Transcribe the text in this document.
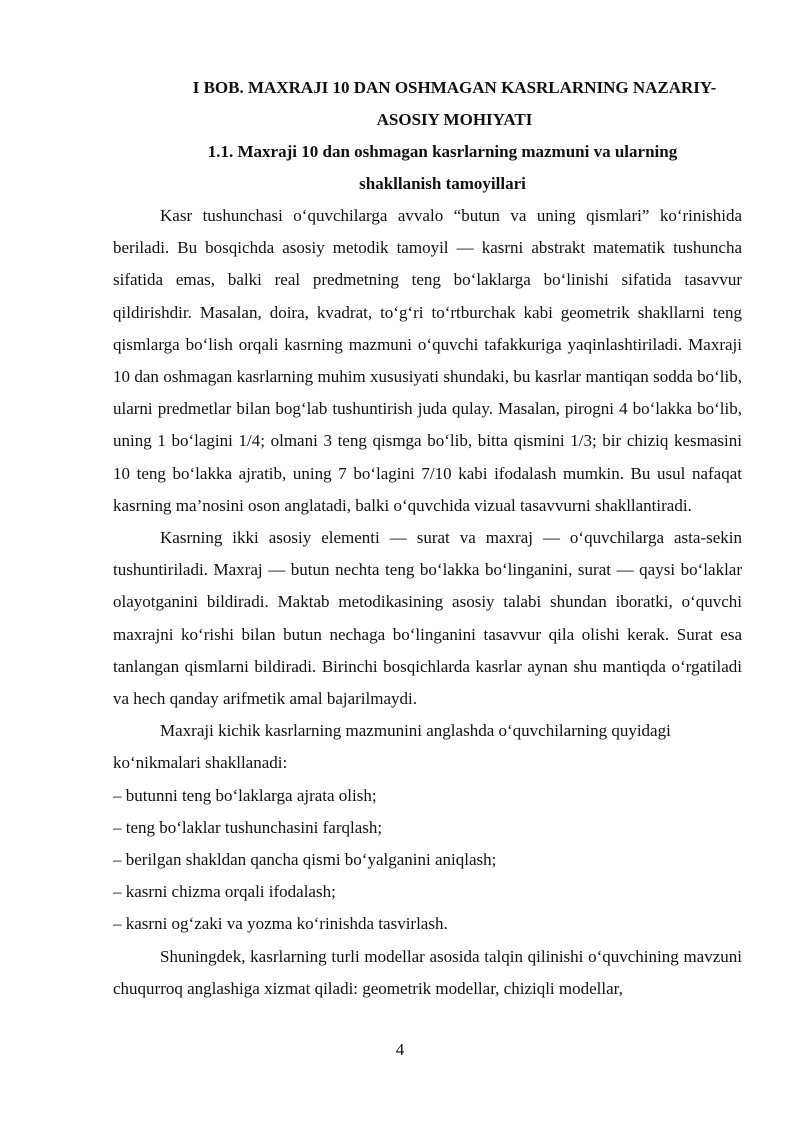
I BOB. MAXRAJI 10 DAN OSHMAGAN KASRLARNING NAZARIY-

ASOSIY MOHIYATI

1.1. Maxraji 10 dan oshmagan kasrlarning mazmuni va ularning

shakllanish tamoyillari

Kasr tushunchasi o‘quvchilarga avvalo “butun va uning qismlari” ko‘rinishida beriladi. Bu bosqichda asosiy metodik tamoyil — kasrni abstrakt matematik tushuncha sifatida emas, balki real predmetning teng bo‘laklarga bo‘linishi sifatida tasavvur qildirishdir. Masalan, doira, kvadrat, to‘g‘ri to‘rtburchak kabi geometrik shakllarni teng qismlarga bo‘lish orqali kasrning mazmuni o‘quvchi tafakkuriga yaqinlashtiriladi. Maxraji 10 dan oshmagan kasrlarning muhim xususiyati shundaki, bu kasrlar mantiqan sodda bo‘lib, ularni predmetlar bilan bog‘lab tushuntirish juda qulay. Masalan, pirogni 4 bo‘lakka bo‘lib, uning 1 bo‘lagini 1/4; olmani 3 teng qismga bo‘lib, bitta qismini 1/3; bir chiziq kesmasini 10 teng bo‘lakka ajratib, uning 7 bo‘lagini 7/10 kabi ifodalash mumkin. Bu usul nafaqat kasrning ma’nosini oson anglatadi, balki o‘quvchida vizual tasavvurni shakllantiradi.

Kasrning ikki asosiy elementi — surat va maxraj — o‘quvchilarga asta-sekin tushuntiriladi. Maxraj — butun nechta teng bo‘lakka bo‘linganini, surat — qaysi bo‘laklar olayotganini bildiradi. Maktab metodikasining asosiy talabi shundan iboratki, o‘quvchi maxrajni ko‘rishi bilan butun nechaga bo‘linganini tasavvur qila olishi kerak. Surat esa tanlangan qismlarni bildiradi. Birinchi bosqichlarda kasrlar aynan shu mantiqda o‘rgatiladi va hech qanday arifmetik amal bajarilmaydi.

Maxraji kichik kasrlarning mazmunini anglashda o‘quvchilarning quyidagi ko‘nikmalari shakllanadi:

– butunni teng bo‘laklarga ajrata olish;
– teng bo‘laklar tushunchasini farqlash;
– berilgan shakldan qancha qismi bo‘yalganini aniqlash;
– kasrni chizma orqali ifodalash;
– kasrni og‘zaki va yozma ko‘rinishda tasvirlash.

Shuningdek, kasrlarning turli modellar asosida talqin qilinishi o‘quvchining mavzuni chuqurroq anglashiga xizmat qiladi: geometrik modellar, chiziqli modellar,

4
